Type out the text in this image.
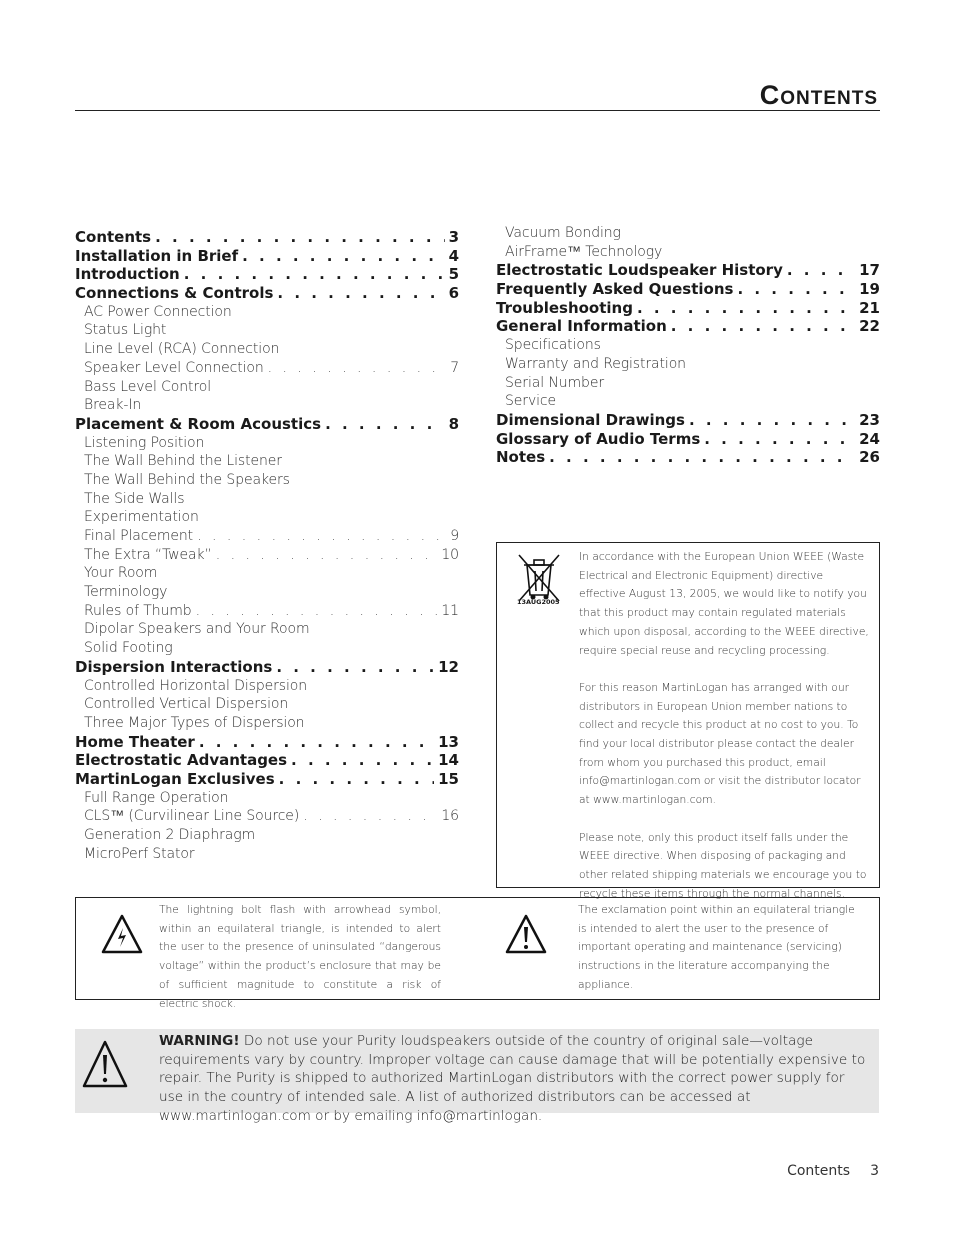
Contents
Contents . . .	3
Installation in Brief . . .	4
Introduction . . .	5
Connections & Controls . . .	6
AC Power Connection
Status Light
Line Level (RCA) Connection
Speaker Level Connection . . .	7
Bass Level Control
Break-In
Placement & Room Acoustics . . .	8
Listening Position
The Wall Behind the Listener
The Wall Behind the Speakers
The Side Walls
Experimentation
Final Placement . . .	9
The Extra “Tweak” . . .	10
Your Room
Terminology
Rules of Thumb . . .	11
Dipolar Speakers and Your Room
Solid Footing
Dispersion Interactions . . .	12
Controlled Horizontal Dispersion
Controlled Vertical Dispersion
Three Major Types of Dispersion
Home Theater . . .	13
Electrostatic Advantages . . .	14
MartinLogan Exclusives . . .	15
Full Range Operation
CLS™ (Curvilinear Line Source) . . .	16
Generation 2 Diaphragm
MicroPerf Stator
Vacuum Bonding
AirFrame™ Technology
Electrostatic Loudspeaker History . . .	17
Frequently Asked Questions . . .	19
Troubleshooting . . .	21
General Information . . .	22
Specifications
Warranty and Registration
Serial Number
Service
Dimensional Drawings . . .	23
Glossary of Audio Terms . . .	24
Notes . . .	26
13AUG2005

In accordance with the European Union WEEE (Waste Electrical and Electronic Equipment) directive effective August 13, 2005, we would like to notify you that this product may contain regulated materials which upon disposal, according to the WEEE directive, require special reuse and recycling processing.

For this reason MartinLogan has arranged with our distributors in European Union member nations to collect and recycle this product at no cost to you. To find your local distributor please contact the dealer from whom you purchased this product, email info@martinlogan.com or visit the distributor locator at www.martinlogan.com.

Please note, only this product itself falls under the WEEE directive. When disposing of packaging and other related shipping materials we encourage you to recycle these items through the normal channels.

The lightning bolt flash with arrowhead symbol, within an equilateral triangle, is intended to alert the user to the presence of uninsulated “dangerous voltage” within the product’s enclosure that may be of sufficient magnitude to constitute a risk of electric shock.
The exclamation point within an equilateral triangle is intended to alert the user to the presence of important operating and maintenance (servicing) instructions in the literature accompanying the appliance.
WARNING! Do not use your Purity loudspeakers outside of the country of original sale—voltage requirements vary by country. Improper voltage can cause damage that will be potentially expensive to repair. The Purity is shipped to authorized MartinLogan distributors with the correct power supply for use in the country of intended sale. A list of authorized distributors can be accessed at www.martinlogan.com or by emailing info@martinlogan.
Contents 3
